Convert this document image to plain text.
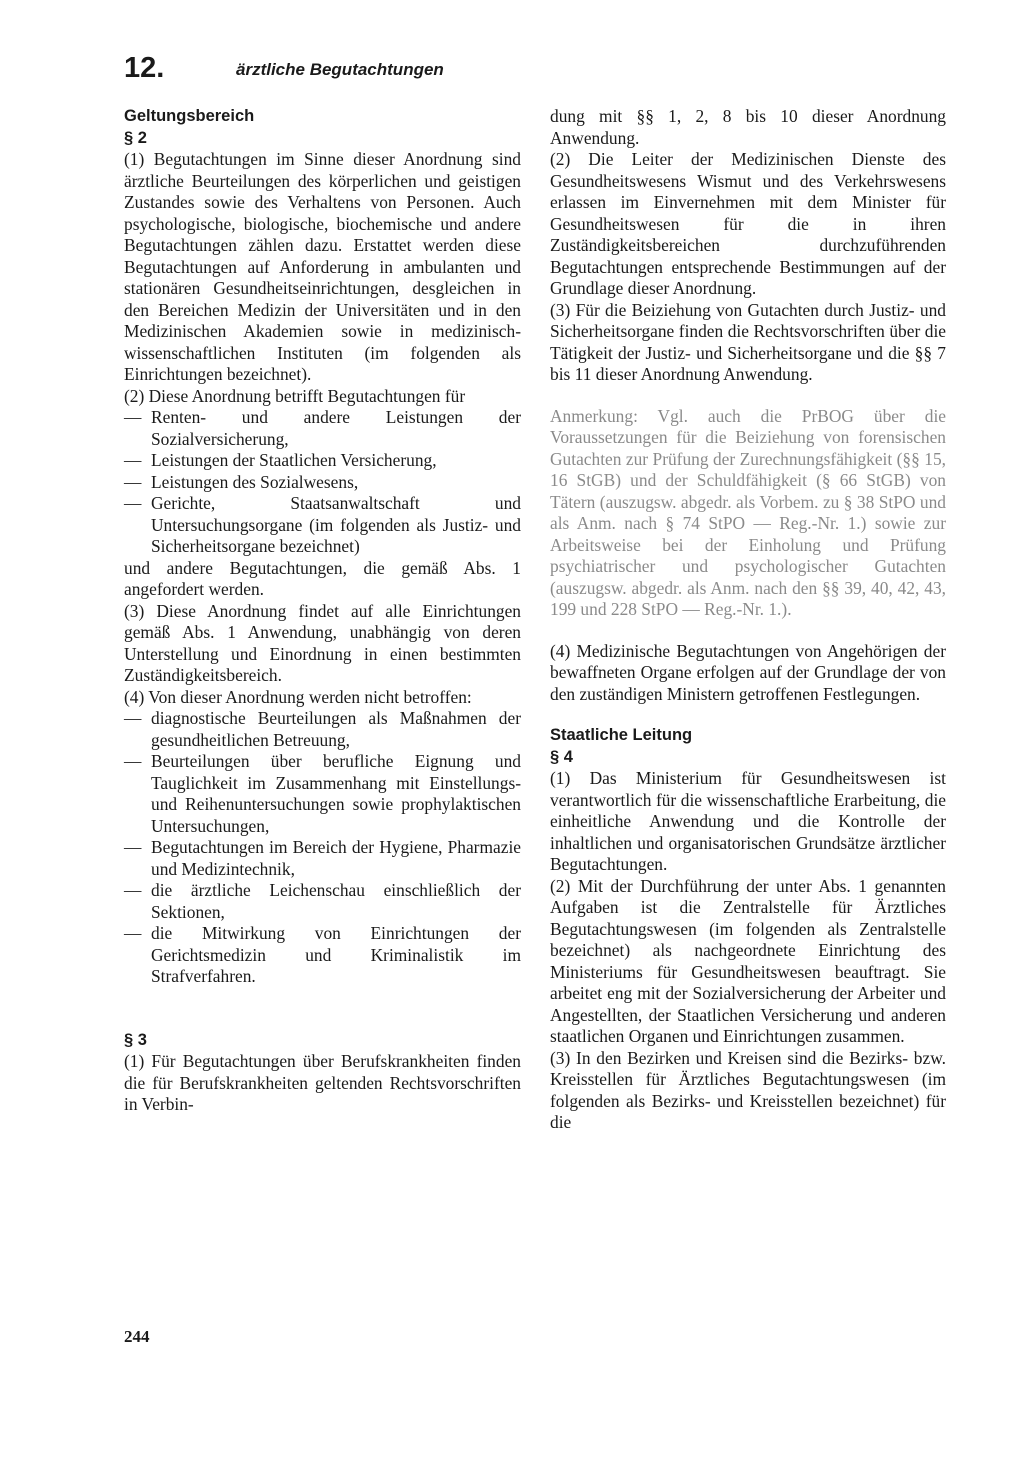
12.	ärztliche Begutachtungen

Geltungsbereich

§ 2

(1) Begutachtungen im Sinne dieser Anordnung sind ärztliche Beurteilungen des körperlichen und geistigen Zustandes sowie des Verhaltens von Personen. Auch psychologische, biologische, biochemische und andere Begutachtungen zählen dazu. Erstattet werden diese Begutachtungen auf Anforderung in ambulanten und stationären Gesundheitseinrichtungen, desgleichen in den Bereichen Medizin der Universitäten und in den Medizinischen Akademien sowie in medizinisch-wissenschaftlichen Instituten (im folgenden als Einrichtungen bezeichnet).

(2) Diese Anordnung betrifft Begutachtungen für

— Renten- und andere Leistungen der Sozialversicherung,
— Leistungen der Staatlichen Versicherung,
— Leistungen des Sozialwesens,
— Gerichte, Staatsanwaltschaft und Untersuchungsorgane (im folgenden als Justiz- und Sicherheitsorgane bezeichnet)

und andere Begutachtungen, die gemäß Abs. 1 angefordert werden.

(3) Diese Anordnung findet auf alle Einrichtungen gemäß Abs. 1 Anwendung, unabhängig von deren Unterstellung und Einordnung in einen bestimmten Zuständigkeitsbereich.

(4) Von dieser Anordnung werden nicht betroffen:

— diagnostische Beurteilungen als Maßnahmen der gesundheitlichen Betreuung,
— Beurteilungen über berufliche Eignung und Tauglichkeit im Zusammenhang mit Einstellungs- und Reihenuntersuchungen sowie prophylaktischen Untersuchungen,
— Begutachtungen im Bereich der Hygiene, Pharmazie und Medizintechnik,
— die ärztliche Leichenschau einschließlich der Sektionen,
— die Mitwirkung von Einrichtungen der Gerichtsmedizin und Kriminalistik im Strafverfahren.

§ 3

(1) Für Begutachtungen über Berufskrankheiten finden die für Berufskrankheiten geltenden Rechtsvorschriften in Verbin-

dung mit §§ 1, 2, 8 bis 10 dieser Anordnung Anwendung.

(2) Die Leiter der Medizinischen Dienste des Gesundheitswesens Wismut und des Verkehrswesens erlassen im Einvernehmen mit dem Minister für Gesundheitswesen für die in ihren Zuständigkeitsbereichen durchzuführenden Begutachtungen entsprechende Bestimmungen auf der Grundlage dieser Anordnung.

(3) Für die Beiziehung von Gutachten durch Justiz- und Sicherheitsorgane finden die Rechtsvorschriften über die Tätigkeit der Justiz- und Sicherheitsorgane und die §§ 7 bis 11 dieser Anordnung Anwendung.

Anmerkung: Vgl. auch die PrBOG über die Voraussetzungen für die Beiziehung von forensischen Gutachten zur Prüfung der Zurechnungsfähigkeit (§§ 15, 16 StGB) und der Schuldfähigkeit (§ 66 StGB) von Tätern (auszugsw. abgedr. als Vorbem. zu § 38 StPO und als Anm. nach § 74 StPO — Reg.-Nr. 1.) sowie zur Arbeitsweise bei der Einholung und Prüfung psychiatrischer und psychologischer Gutachten (auszugsw. abgedr. als Anm. nach den §§ 39, 40, 42, 43, 199 und 228 StPO — Reg.-Nr. 1.).

(4) Medizinische Begutachtungen von Angehörigen der bewaffneten Organe erfolgen auf der Grundlage der von den zuständigen Ministern getroffenen Festlegungen.

Staatliche Leitung

§ 4

(1) Das Ministerium für Gesundheitswesen ist verantwortlich für die wissenschaftliche Erarbeitung, die einheitliche Anwendung und die Kontrolle der inhaltlichen und organisatorischen Grundsätze ärztlicher Begutachtungen.

(2) Mit der Durchführung der unter Abs. 1 genannten Aufgaben ist die Zentralstelle für Ärztliches Begutachtungswesen (im folgenden als Zentralstelle bezeichnet) als nachgeordnete Einrichtung des Ministeriums für Gesundheitswesen beauftragt. Sie arbeitet eng mit der Sozialversicherung der Arbeiter und Angestellten, der Staatlichen Versicherung und anderen staatlichen Organen und Einrichtungen zusammen.

(3) In den Bezirken und Kreisen sind die Bezirks- bzw. Kreisstellen für Ärztliches Begutachtungswesen (im folgenden als Bezirks- und Kreisstellen bezeichnet) für die

244
